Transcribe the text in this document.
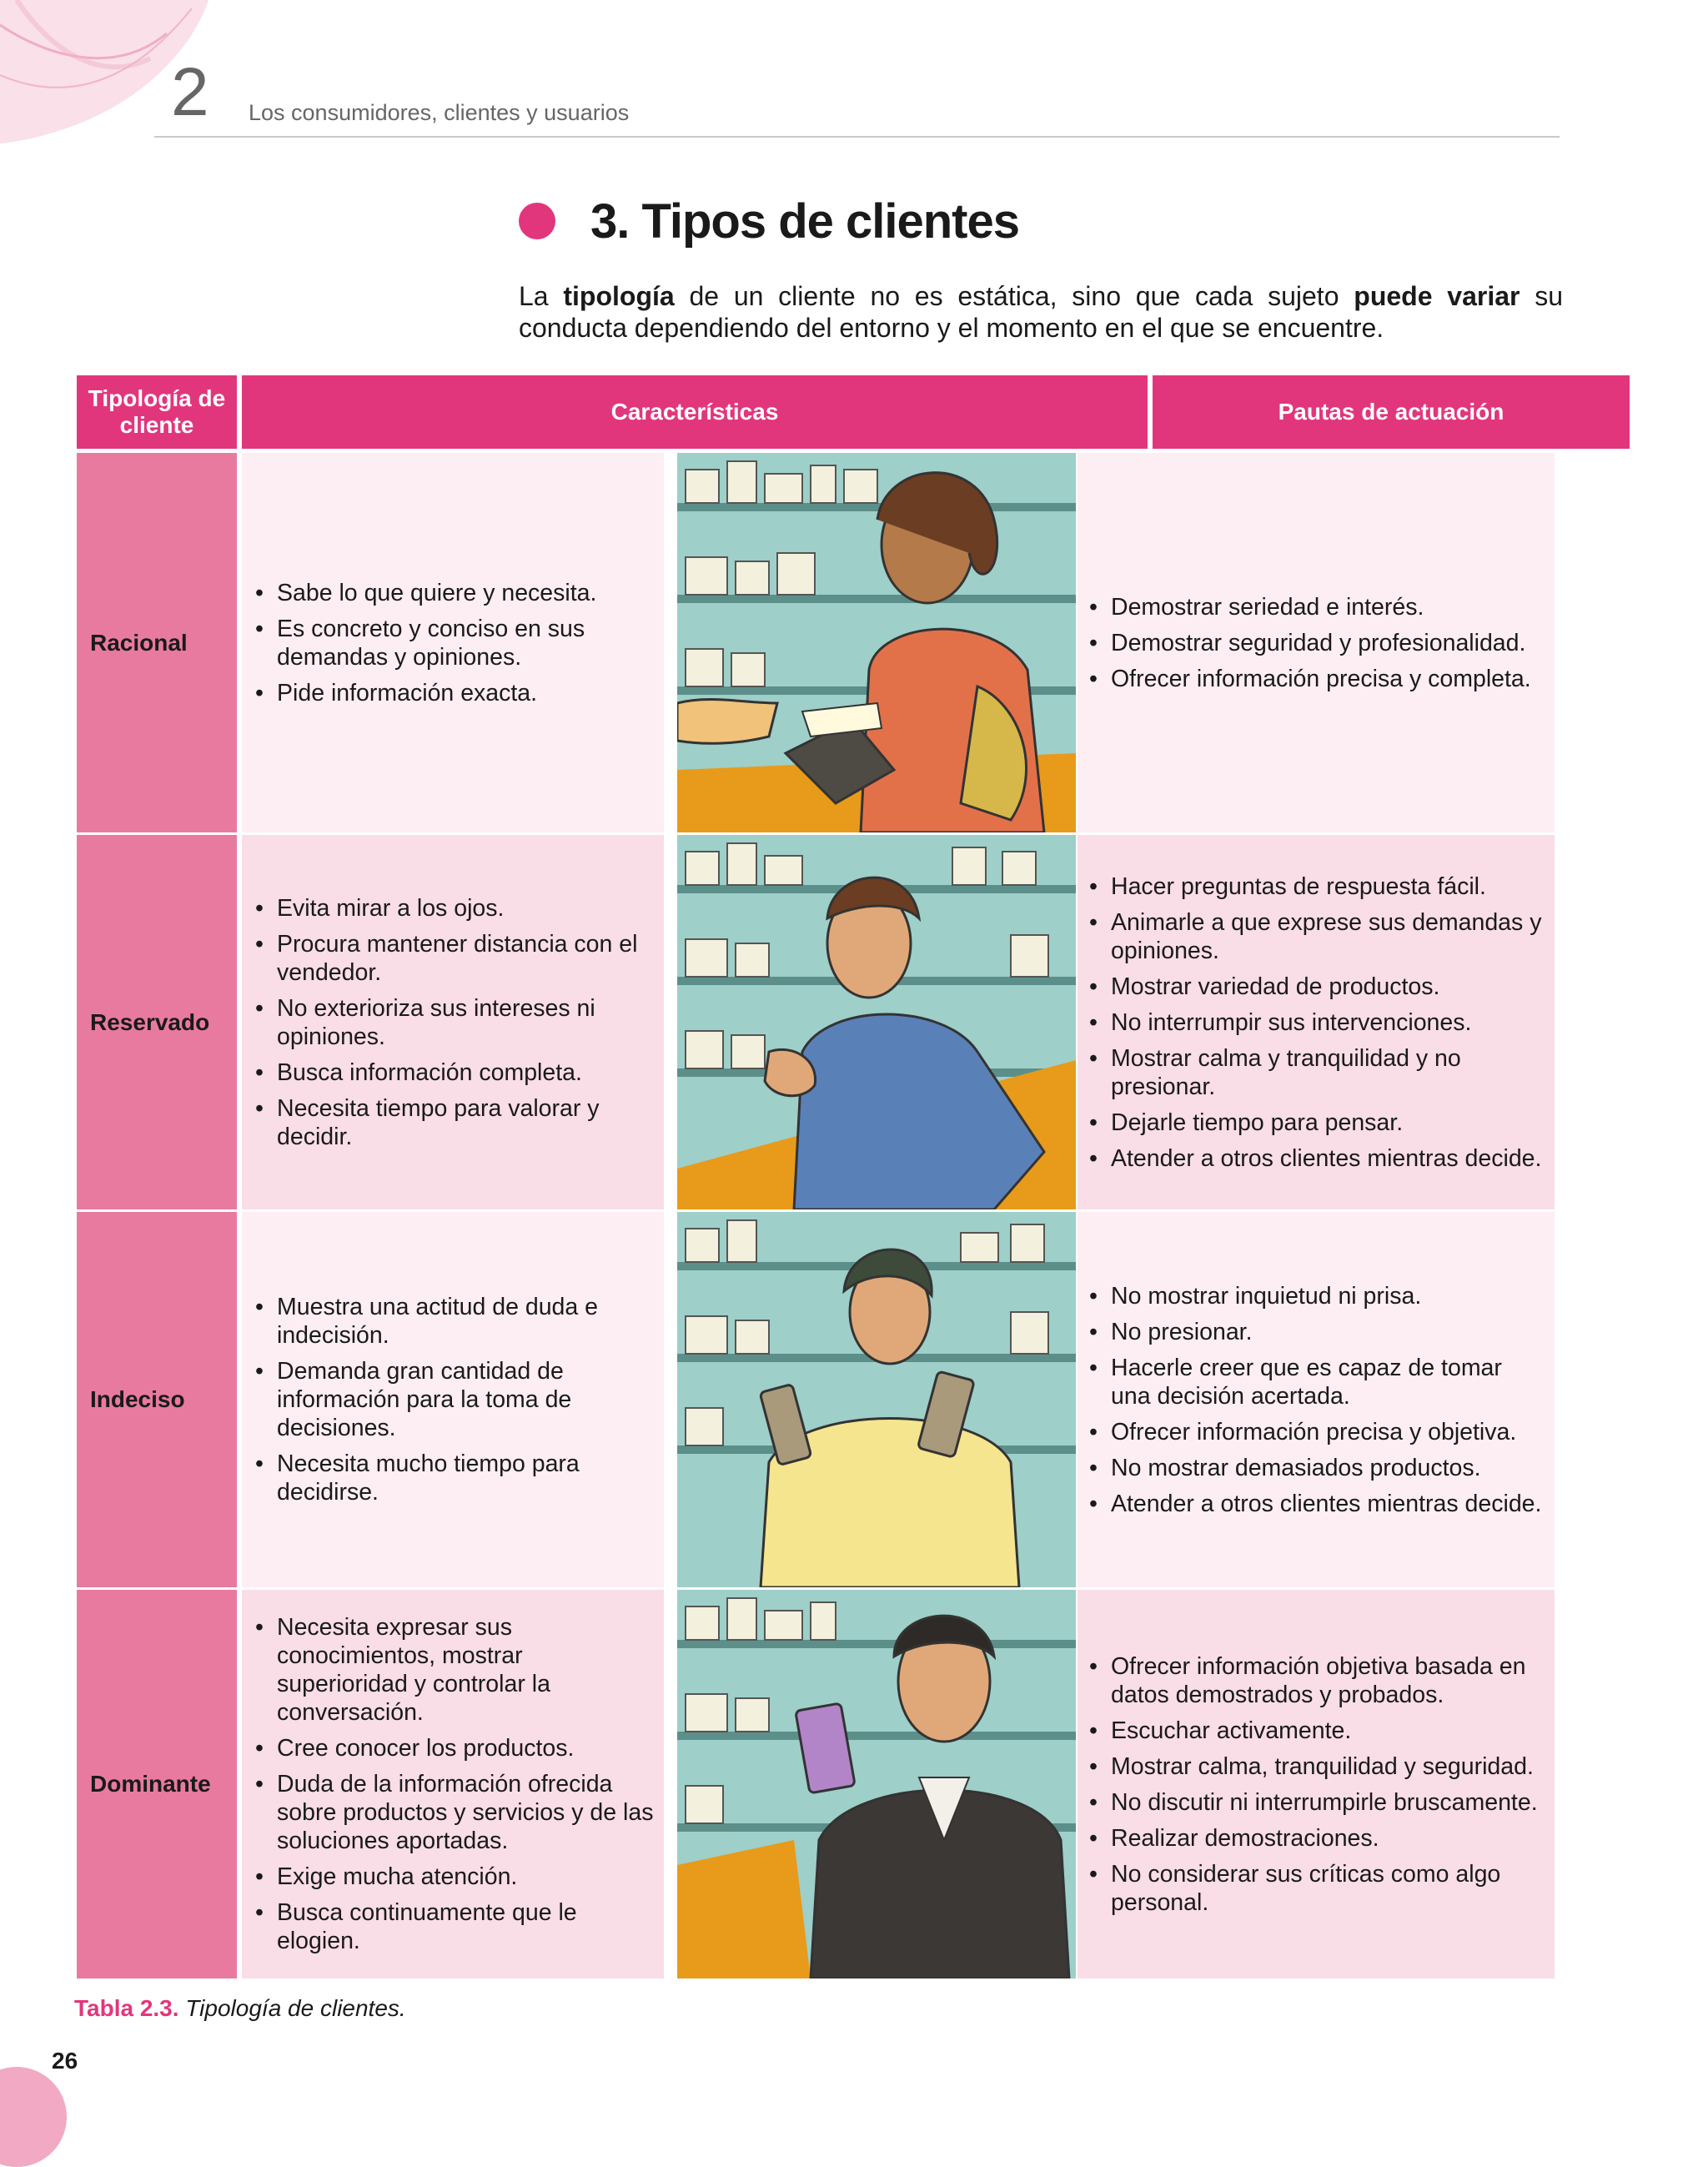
2 Los consumidores, clientes y usuarios
3. Tipos de clientes
La tipología de un cliente no es estática, sino que cada sujeto puede variar su conducta dependiendo del entorno y el momento en el que se encuentre.
Tipología de cliente
Características	Pautas de actuación
Racional
• Sabe lo que quiere y necesita.
• Es concreto y conciso en sus demandas y opiniones.
• Pide información exacta.
• Demostrar seriedad e interés.
• Demostrar seguridad y profesionalidad.
• Ofrecer información precisa y completa.
Reservado
• Evita mirar a los ojos.
• Procura mantener distancia con el vendedor.
• No exterioriza sus intereses ni opiniones.
• Busca información completa.
• Necesita tiempo para valorar y decidir.
• Hacer preguntas de respuesta fácil.
• Animarle a que exprese sus demandas y opiniones.
• Mostrar variedad de productos.
• No interrumpir sus intervenciones.
• Mostrar calma y tranquilidad y no presionar.
• Dejarle tiempo para pensar.
• Atender a otros clientes mientras decide.
Indeciso
• Muestra una actitud de duda e indecisión.
• Demanda gran cantidad de información para la toma de decisiones.
• Necesita mucho tiempo para decidirse.
• No mostrar inquietud ni prisa.
• No presionar.
• Hacerle creer que es capaz de tomar una decisión acertada.
• Ofrecer información precisa y objetiva.
• No mostrar demasiados productos.
• Atender a otros clientes mientras decide.
Dominante
• Necesita expresar sus conocimientos, mostrar superioridad y controlar la conversación.
• Cree conocer los productos.
• Duda de la información ofrecida sobre productos y servicios y de las soluciones aportadas.
• Exige mucha atención.
• Busca continuamente que le elogien.
• Ofrecer información objetiva basada en datos demostrados y probados.
• Escuchar activamente.
• Mostrar calma, tranquilidad y seguridad.
• No discutir ni interrumpirle bruscamente.
• Realizar demostraciones.
• No considerar sus críticas como algo personal.
Tabla 2.3. Tipología de clientes.
26
